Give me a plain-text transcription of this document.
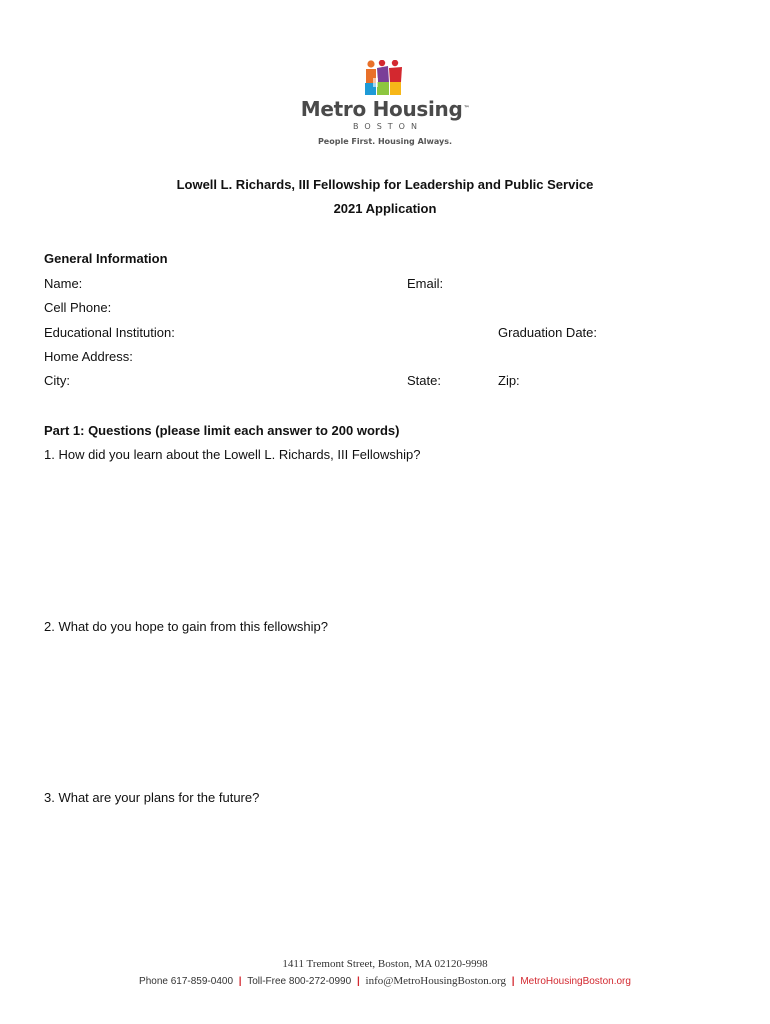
Metro Housing™
BOSTON
People First. Housing Always.
Lowell L. Richards, III Fellowship for Leadership and Public Service
2021 Application
General Information
Name:	Email:
Cell Phone:
Educational Institution:	Graduation Date:
Home Address:
City:	State:	Zip:
Part 1: Questions (please limit each answer to 200 words)
1. How did you learn about the Lowell L. Richards, III Fellowship?
2. What do you hope to gain from this fellowship?
3. What are your plans for the future?
1411 Tremont Street, Boston, MA 02120-9998
Phone 617-859-0400 | Toll-Free 800-272-0990 | info@MetroHousingBoston.org | MetroHousingBoston.org
